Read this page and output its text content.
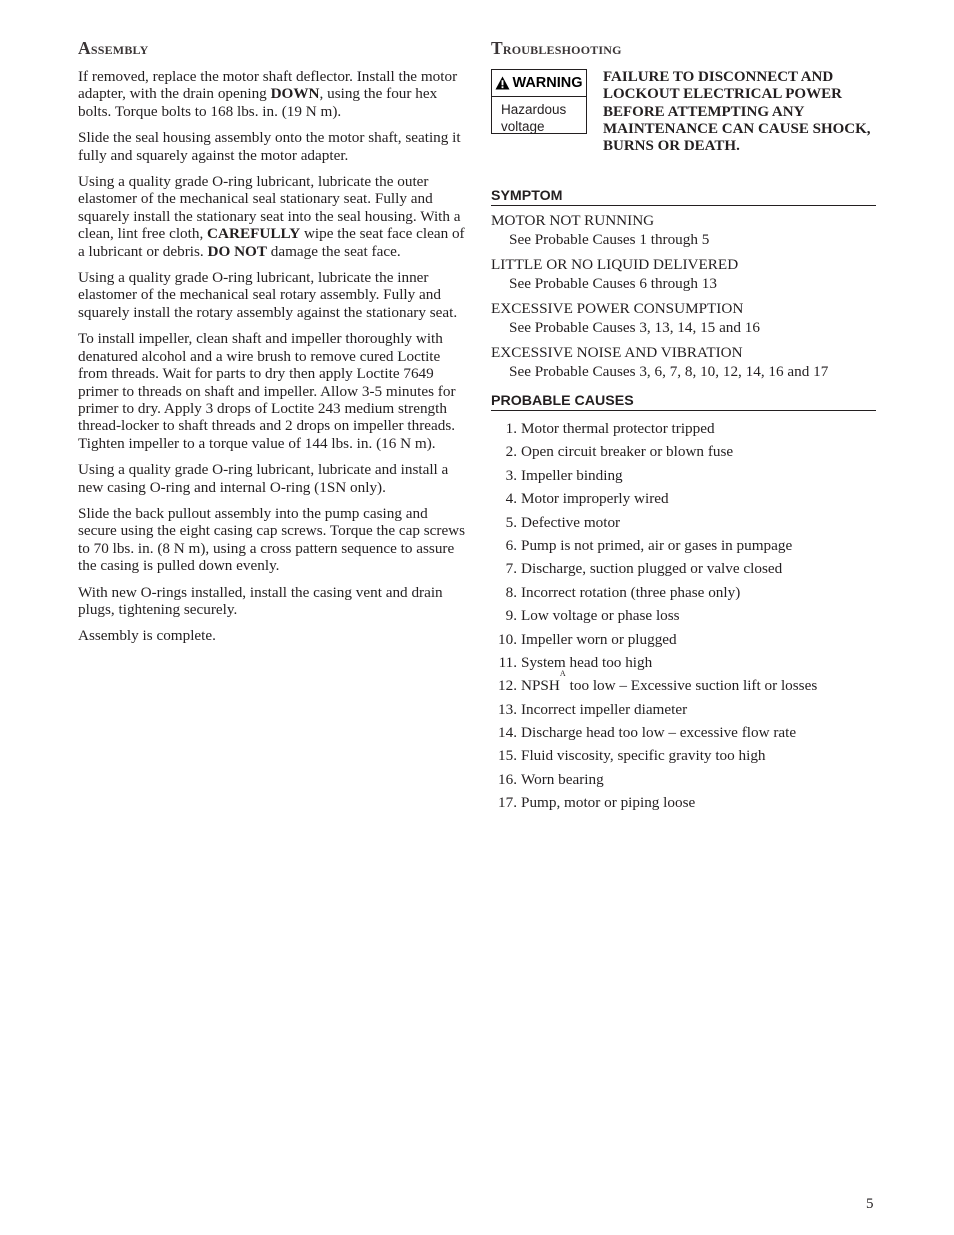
Assembly

If removed, replace the motor shaft deflector. Install the motor adapter, with the drain opening DOWN, using the four hex bolts. Torque bolts to 168 lbs. in. (19 N m).

Slide the seal housing assembly onto the motor shaft, seating it fully and squarely against the motor adapter.

Using a quality grade O-ring lubricant, lubricate the outer elastomer of the mechanical seal stationary seat. Fully and squarely install the stationary seat into the seal housing. With a clean, lint free cloth, CAREFULLY wipe the seat face clean of a lubricant or debris. DO NOT damage the seat face.

Using a quality grade O-ring lubricant, lubricate the inner elastomer of the mechanical seal rotary assembly. Fully and squarely install the rotary assembly against the stationary seat.

To install impeller, clean shaft and impeller thoroughly with denatured alcohol and a wire brush to remove cured Loctite from threads. Wait for parts to dry then apply Loctite 7649 primer to threads on shaft and impeller. Allow 3-5 minutes for primer to dry. Apply 3 drops of Loctite 243 medium strength thread-locker to shaft threads and 2 drops on impeller threads. Tighten impeller to a torque value of 144 lbs. in. (16 N m).

Using a quality grade O-ring lubricant, lubricate and install a new casing O-ring and internal O-ring (1SN only).

Slide the back pullout assembly into the pump casing and secure using the eight casing cap screws. Torque the cap screws to 70 lbs. in. (8 N m), using a cross pattern sequence to assure the casing is pulled down evenly.

With new O-rings installed, install the casing vent and drain plugs, tightening securely.

Assembly is complete.

Troubleshooting
WARNING
Hazardous
voltage
FAILURE TO DISCONNECT AND LOCKOUT ELECTRICAL POWER BEFORE ATTEMPTING ANY MAINTENANCE CAN CAUSE SHOCK, BURNS OR DEATH.
SYMPTOM
MOTOR NOT RUNNING
See Probable Causes 1 through 5
LITTLE OR NO LIQUID DELIVERED
See Probable Causes 6 through 13
EXCESSIVE POWER CONSUMPTION
See Probable Causes 3, 13, 14, 15 and 16
EXCESSIVE NOISE AND VIBRATION
See Probable Causes 3, 6, 7, 8, 10, 12, 14, 16 and 17
PROBABLE CAUSES
1. Motor thermal protector tripped
2. Open circuit breaker or blown fuse
3. Impeller binding
4. Motor improperly wired
5. Defective motor
6. Pump is not primed, air or gases in pumpage
7. Discharge, suction plugged or valve closed
8. Incorrect rotation (three phase only)
9. Low voltage or phase loss
10. Impeller worn or plugged
11. System head too high
12. NPSH
A
too low – Excessive suction lift or losses
13. Incorrect impeller diameter
14. Discharge head too low – excessive flow rate
15. Fluid viscosity, specific gravity too high
16. Worn bearing
17. Pump, motor or piping loose
5
